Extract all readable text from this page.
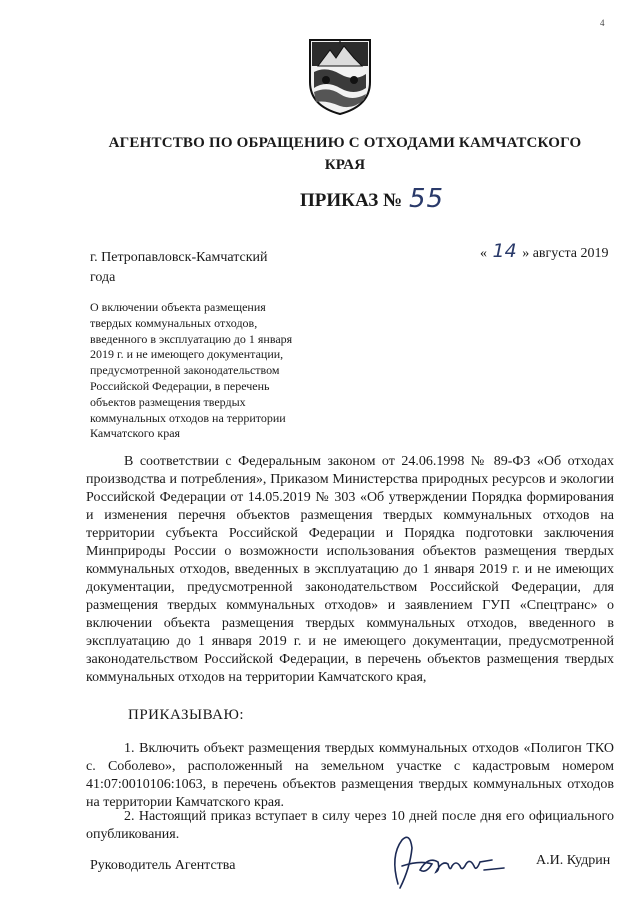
4
АГЕНТСТВО ПО ОБРАЩЕНИЮ С ОТХОДАМИ КАМЧАТСКОГО
КРАЯ
ПРИКАЗ № 55
г. Петропавловск-Камчатский
года
« 14 » августа 2019
О включении объекта размещения
твердых коммунальных отходов,
введенного в эксплуатацию до 1 января
2019 г. и не имеющего документации,
предусмотренной законодательством
Российской Федерации, в перечень
объектов размещения твердых
коммунальных отходов на территории
Камчатского края
В соответствии с Федеральным законом от 24.06.1998 № 89-ФЗ «Об отходах производства и потребления», Приказом Министерства природных ресурсов и экологии Российской Федерации от 14.05.2019 № 303 «Об утверждении Порядка формирования и изменения перечня объектов размещения твердых коммунальных отходов на территории субъекта Российской Федерации и Порядка подготовки заключения Минприроды России о возможности использования объектов размещения твердых коммунальных отходов, введенных в эксплуатацию до 1 января 2019 г. и не имеющих документации, предусмотренной законодательством Российской Федерации, для размещения твердых коммунальных отходов» и заявлением ГУП «Спецтранс» о включении объекта размещения твердых коммунальных отходов, введенного в эксплуатацию до 1 января 2019 г. и не имеющего документации, предусмотренной законодательством Российской Федерации, в перечень объектов размещения твердых коммунальных отходов на территории Камчатского края,
ПРИКАЗЫВАЮ:
1. Включить объект размещения твердых коммунальных отходов «Полигон ТКО с. Соболево», расположенный на земельном участке с кадастровым номером 41:07:0010106:1063, в перечень объектов размещения твердых коммунальных отходов на территории Камчатского края.
2. Настоящий приказ вступает в силу через 10 дней после дня его официального опубликования.
Руководитель Агентства	А.И. Кудрин
